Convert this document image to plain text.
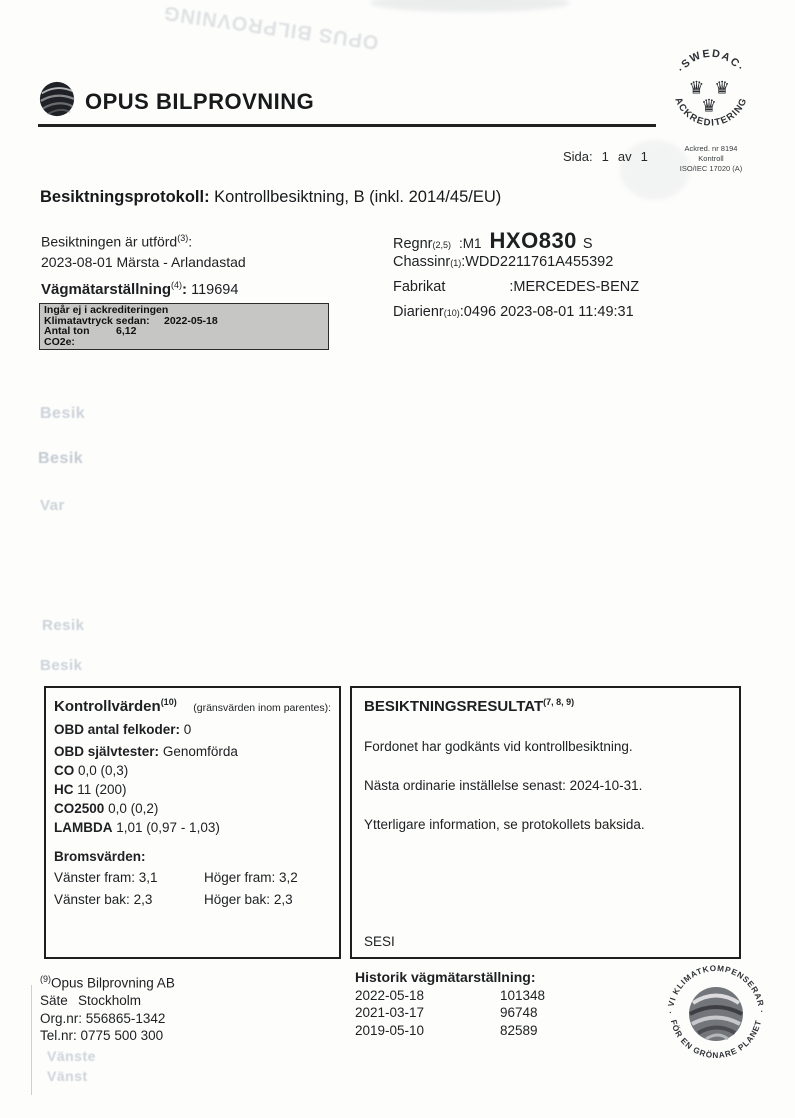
OPUS BILPROVNING
Besik
Besik
Var
Resik
Besik
Vänste
Vänst
OPUS BILPROVNING
·SWEDAC·
ACKREDITERING
♛ ♛
♛
Ackred. nr 8194
Kontroll
ISO/IEC 17020 (A)
Sida: 1 av 1
Besiktningsprotokoll: Kontrollbesiktning, B (inkl. 2014/45/EU)
Besiktningen är utförd$^{(3)}$:
2023-08-01 Märsta - Arlandastad
Vägmätarställning$^{(4)}$: 119694
Ingår ej i ackrediteringen
Klimatavtryck sedan:	2022-05-18
Antal ton CO2e:
6,12
Regnr (2,5) :M1 HXO830 S
Chassinr (1) :WDD2211761A455392
Fabrikat	:MERCEDES-BENZ
Diarienr (10) :0496 2023-08-01 11:49:31
Kontrollvärden$^{(10)}$ (gränsvärden inom parentes):
OBD antal felkoder: 0
OBD självtester: Genomförda
CO 0,0 (0,3)
HC 11 (200)
CO2500 0,0 (0,2)
LAMBDA 1,01 (0,97 - 1,03)
Bromsvärden:
Vänster fram: 3,1	Höger fram: 3,2
Vänster bak: 2,3	Höger bak: 2,3
BESIKTNINGSRESULTAT$^{(7, 8, 9)}$
Fordonet har godkänts vid kontrollbesiktning.
Nästa ordinarie inställelse senast: 2024-10-31.
Ytterligare information, se protokollets baksida.
SESI
$^{(9)}$Opus Bilprovning AB
Säte Stockholm
Org.nr: 556865-1342
Tel.nr: 0775 500 300
Historik vägmätarställning:
2022-05-18	101348
2021-03-17	96748
2019-05-10	82589
· VI KLIMATKOMPENSERAR ·
FÖR EN GRÖNARE PLANET
